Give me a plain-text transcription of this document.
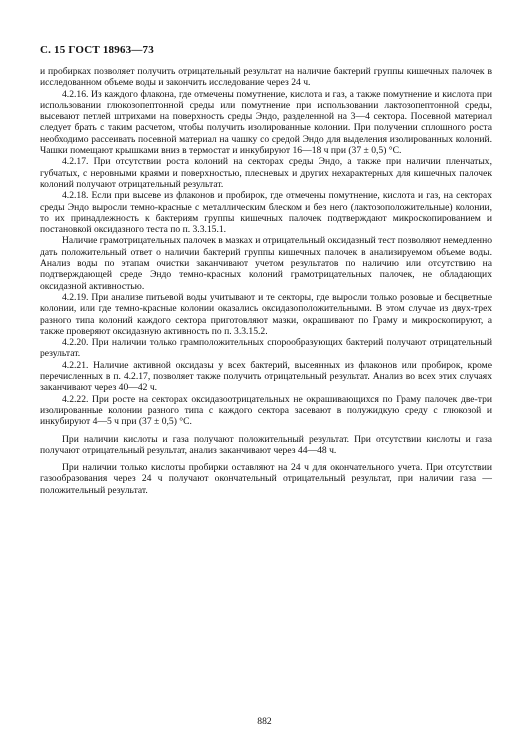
С. 15 ГОСТ 18963—73

и пробирках позволяет получить отрицательный результат на наличие бактерий группы кишечных палочек в исследованном объеме воды и закончить исследование через 24 ч.

4.2.16. Из каждого флакона, где отмечены помутнение, кислота и газ, а также помутнение и кислота при использовании глюкозопептонной среды или помутнение при использовании лактозопептонной среды, высевают петлей штрихами на поверхность среды Эндо, разделенной на 3—4 сектора. Посевной материал следует брать с таким расчетом, чтобы получить изолированные колонии. При получении сплошного роста необходимо рассеивать посевной материал на чашку со средой Эндо для выделения изолированных колоний. Чашки помещают крышками вниз в термостат и инкубируют 16—18 ч при (37 ± 0,5) °С.

4.2.17. При отсутствии роста колоний на секторах среды Эндо, а также при наличии пленчатых, губчатых, с неровными краями и поверхностью, плесневых и других нехарактерных для кишечных палочек колоний получают отрицательный результат.

4.2.18. Если при высеве из флаконов и пробирок, где отмечены помутнение, кислота и газ, на секторах среды Эндо выросли темно-красные с металлическим блеском и без него (лактозоположительные) колонии, то их принадлежность к бактериям группы кишечных палочек подтверждают микроскопированием и постановкой оксидазного теста по п. 3.3.15.1.

Наличие грамотрицательных палочек в мазках и отрицательный оксидазный тест позволяют немедленно дать положительный ответ о наличии бактерий группы кишечных палочек в анализируемом объеме воды. Анализ воды по этапам очистки заканчивают учетом результатов по наличию или отсутствию на подтверждающей среде Эндо темно-красных колоний грамотрицательных палочек, не обладающих оксидазной активностью.

4.2.19. При анализе питьевой воды учитывают и те секторы, где выросли только розовые и бесцветные колонии, или где темно-красные колонии оказались оксидазоположительными. В этом случае из двух-трех разного типа колоний каждого сектора приготовляют мазки, окрашивают по Граму и микроскопируют, а также проверяют оксидазную активность по п. 3.3.15.2.

4.2.20. При наличии только грамположительных спорообразующих бактерий получают отрицательный результат.

4.2.21. Наличие активной оксидазы у всех бактерий, высеянных из флаконов или пробирок, кроме перечисленных в п. 4.2.17, позволяет также получить отрицательный результат. Анализ во всех этих случаях заканчивают через 40—42 ч.

4.2.22. При росте на секторах оксидазоотрицательных не окрашивающихся по Граму палочек две-три изолированные колонии разного типа с каждого сектора засевают в полужидкую среду с глюкозой и инкубируют 4—5 ч при (37 ± 0,5) °С.

При наличии кислоты и газа получают положительный результат. При отсутствии кислоты и газа получают отрицательный результат, анализ заканчивают через 44—48 ч.

При наличии только кислоты пробирки оставляют на 24 ч для окончательного учета. При отсутствии газообразования через 24 ч получают окончательный отрицательный результат, при наличии газа — положительный результат.

882
